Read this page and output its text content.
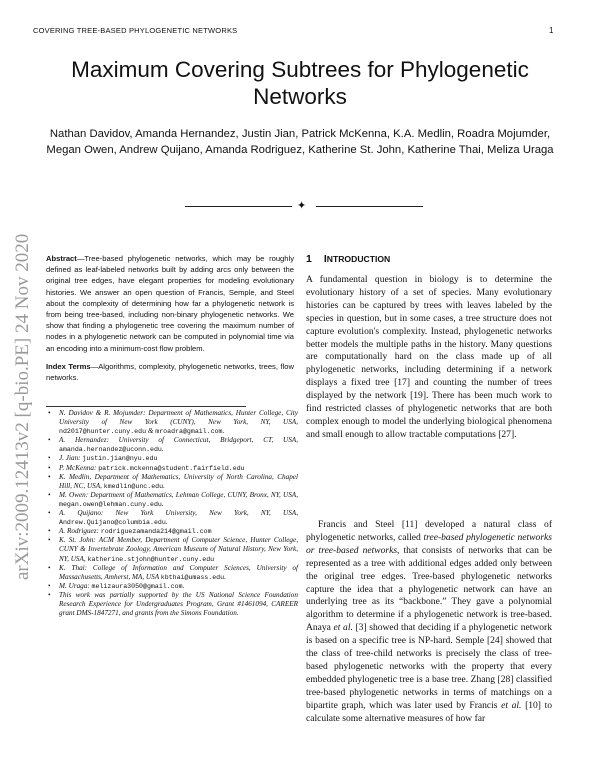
COVERING TREE-BASED PHYLOGENETIC NETWORKS	1
arXiv:2009.12413v2 [q-bio.PE] 24 Nov 2020
Maximum Covering Subtrees for Phylogenetic Networks
Nathan Davidov, Amanda Hernandez, Justin Jian, Patrick McKenna, K.A. Medlin, Roadra Mojumder, Megan Owen, Andrew Quijano, Amanda Rodriguez, Katherine St. John, Katherine Thai, Meliza Uraga
✦
Abstract—Tree-based phylogenetic networks, which may be roughly defined as leaf-labeled networks built by adding arcs only between the original tree edges, have elegant properties for modeling evolutionary histories. We answer an open question of Francis, Semple, and Steel about the complexity of determining how far a phylogenetic network is from being tree-based, including non-binary phylogenetic networks. We show that finding a phylogenetic tree covering the maximum number of nodes in a phylogenetic network can be computed in polynomial time via an encoding into a minimum-cost flow problem.
Index Terms—Algorithms, complexity, phylogenetic networks, trees, flow networks.
• N. Davidov & R. Mojumder: Department of Mathematics, Hunter College, City University of New York (CUNY), New York, NY, USA, nd2017@hunter.cuny.edu & mroadra@gmail.com.
• A. Hernandez: University of Connecticut, Bridgeport, CT, USA, amanda.hernandez@uconn.edu.
• J. Jian: justin.jian@nyu.edu
• P. McKenna: patrick.mckenna@student.fairfield.edu
• K. Medlin, Department of Mathematics, University of North Carolina, Chapel Hill, NC, USA, kmedlin@unc.edu.
• M. Owen: Department of Mathematics, Lehman College, CUNY, Bronx, NY, USA, megan.owen@lehman.cuny.edu.
• A. Quijano: New York University, New York, NY, USA, Andrew.Quijano@columbia.edu.
• A. Rodriguez: rodriguezamanda214@gmail.com
• K. St. John: ACM Member, Department of Computer Science, Hunter College, CUNY & Invertebrate Zoology, American Museum of Natural History, New York, NY, USA, katherine.stjohn@hunter.cuny.edu
• K. Thai: College of Information and Computer Sciences, University of Massachusetts, Amherst, MA, USA kbthai@umass.edu.
• M. Uraga: melizaura3050@gmail.com.
• This work was partially supported by the US National Science Foundation Research Experience for Undergraduates Program, Grant #1461094, CAREER grant DMS-1847271, and grants from the Simons Foundation.
1 INTRODUCTION

A fundamental question in biology is to determine the evolutionary history of a set of species. Many evolutionary histories can be captured by trees with leaves labeled by the species in question, but in some cases, a tree structure does not capture evolution's complexity. Instead, phylogenetic networks better models the multiple paths in the history. Many questions are computationally hard on the class made up of all phylogenetic networks, including determining if a network displays a fixed tree [17] and counting the number of trees displayed by the network [19]. There has been much work to find restricted classes of phylogenetic networks that are both complex enough to model the underlying biological phenomena and small enough to allow tractable computations [27].

Francis and Steel [11] developed a natural class of phylogenetic networks, called tree-based phylogenetic networks or tree-based networks, that consists of networks that can be represented as a tree with additional edges added only between the original tree edges. Tree-based phylogenetic networks capture the idea that a phylogenetic network can have an underlying tree as its “backbone.” They gave a polynomial algorithm to determine if a phylogenetic network is tree-based. Anaya et al. [3] showed that deciding if a phylogenetic network is based on a specific tree is NP-hard. Semple [24] showed that the class of tree-child networks is precisely the class of tree-based phylogenetic networks with the property that every embedded phylogenetic tree is a base tree. Zhang [28] classified tree-based phylogenetic networks in terms of matchings on a bipartite graph, which was later used by Francis et al. [10] to calculate some alternative measures of how far
